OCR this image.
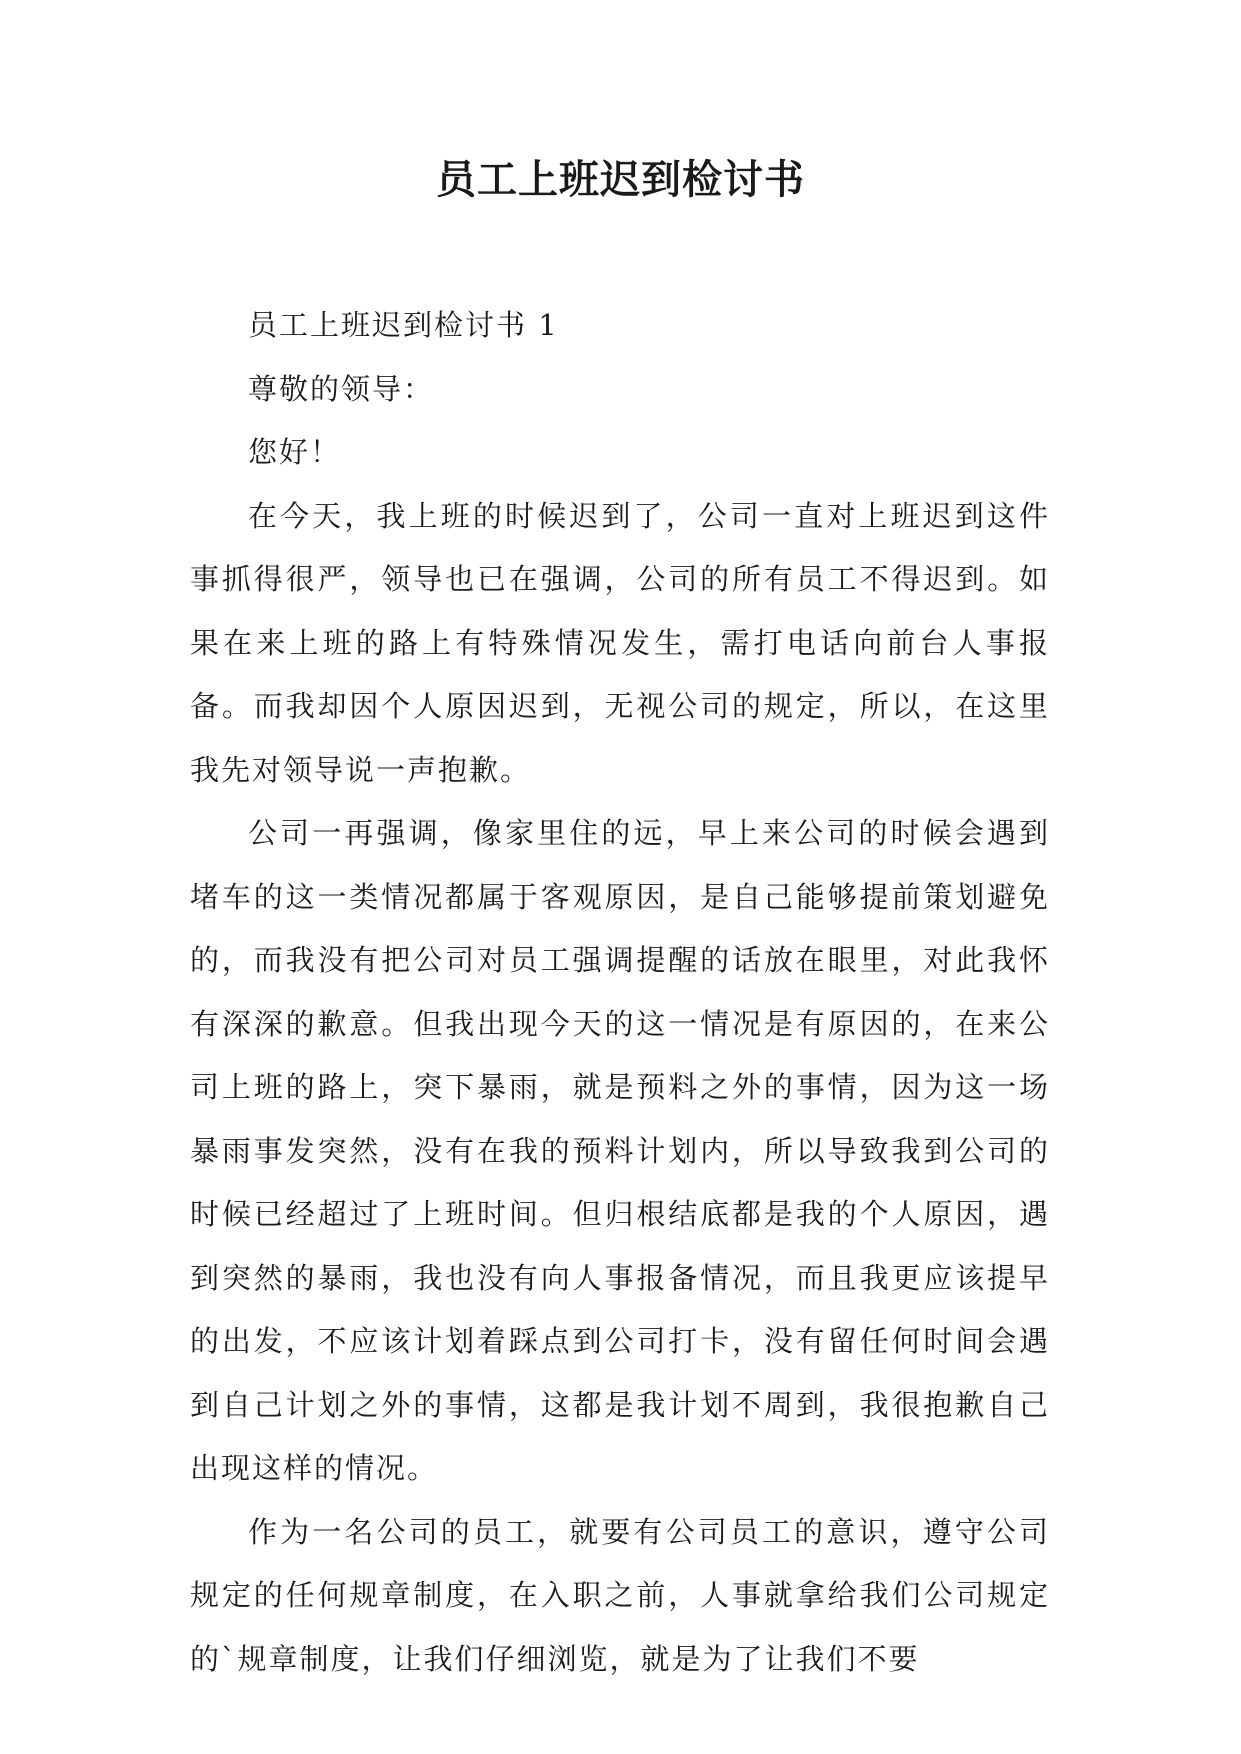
员工上班迟到检讨书

员工上班迟到检讨书 1

尊敬的领导：

您好！

在今天，我上班的时候迟到了，公司一直对上班迟到这件事抓得很严，领导也已在强调，公司的所有员工不得迟到。如果在来上班的路上有特殊情况发生，需打电话向前台人事报备。而我却因个人原因迟到，无视公司的规定，所以，在这里我先对领导说一声抱歉。

公司一再强调，像家里住的远，早上来公司的时候会遇到堵车的这一类情况都属于客观原因，是自己能够提前策划避免的，而我没有把公司对员工强调提醒的话放在眼里，对此我怀有深深的歉意。但我出现今天的这一情况是有原因的，在来公司上班的路上，突下暴雨，就是预料之外的事情，因为这一场暴雨事发突然，没有在我的预料计划内，所以导致我到公司的时候已经超过了上班时间。但归根结底都是我的个人原因，遇到突然的暴雨，我也没有向人事报备情况，而且我更应该提早的出发，不应该计划着踩点到公司打卡，没有留任何时间会遇到自己计划之外的事情，这都是我计划不周到，我很抱歉自己出现这样的情况。

作为一名公司的员工，就要有公司员工的意识，遵守公司规定的任何规章制度，在入职之前，人事就拿给我们公司规定的`规章制度，让我们仔细浏览，就是为了让我们不要
